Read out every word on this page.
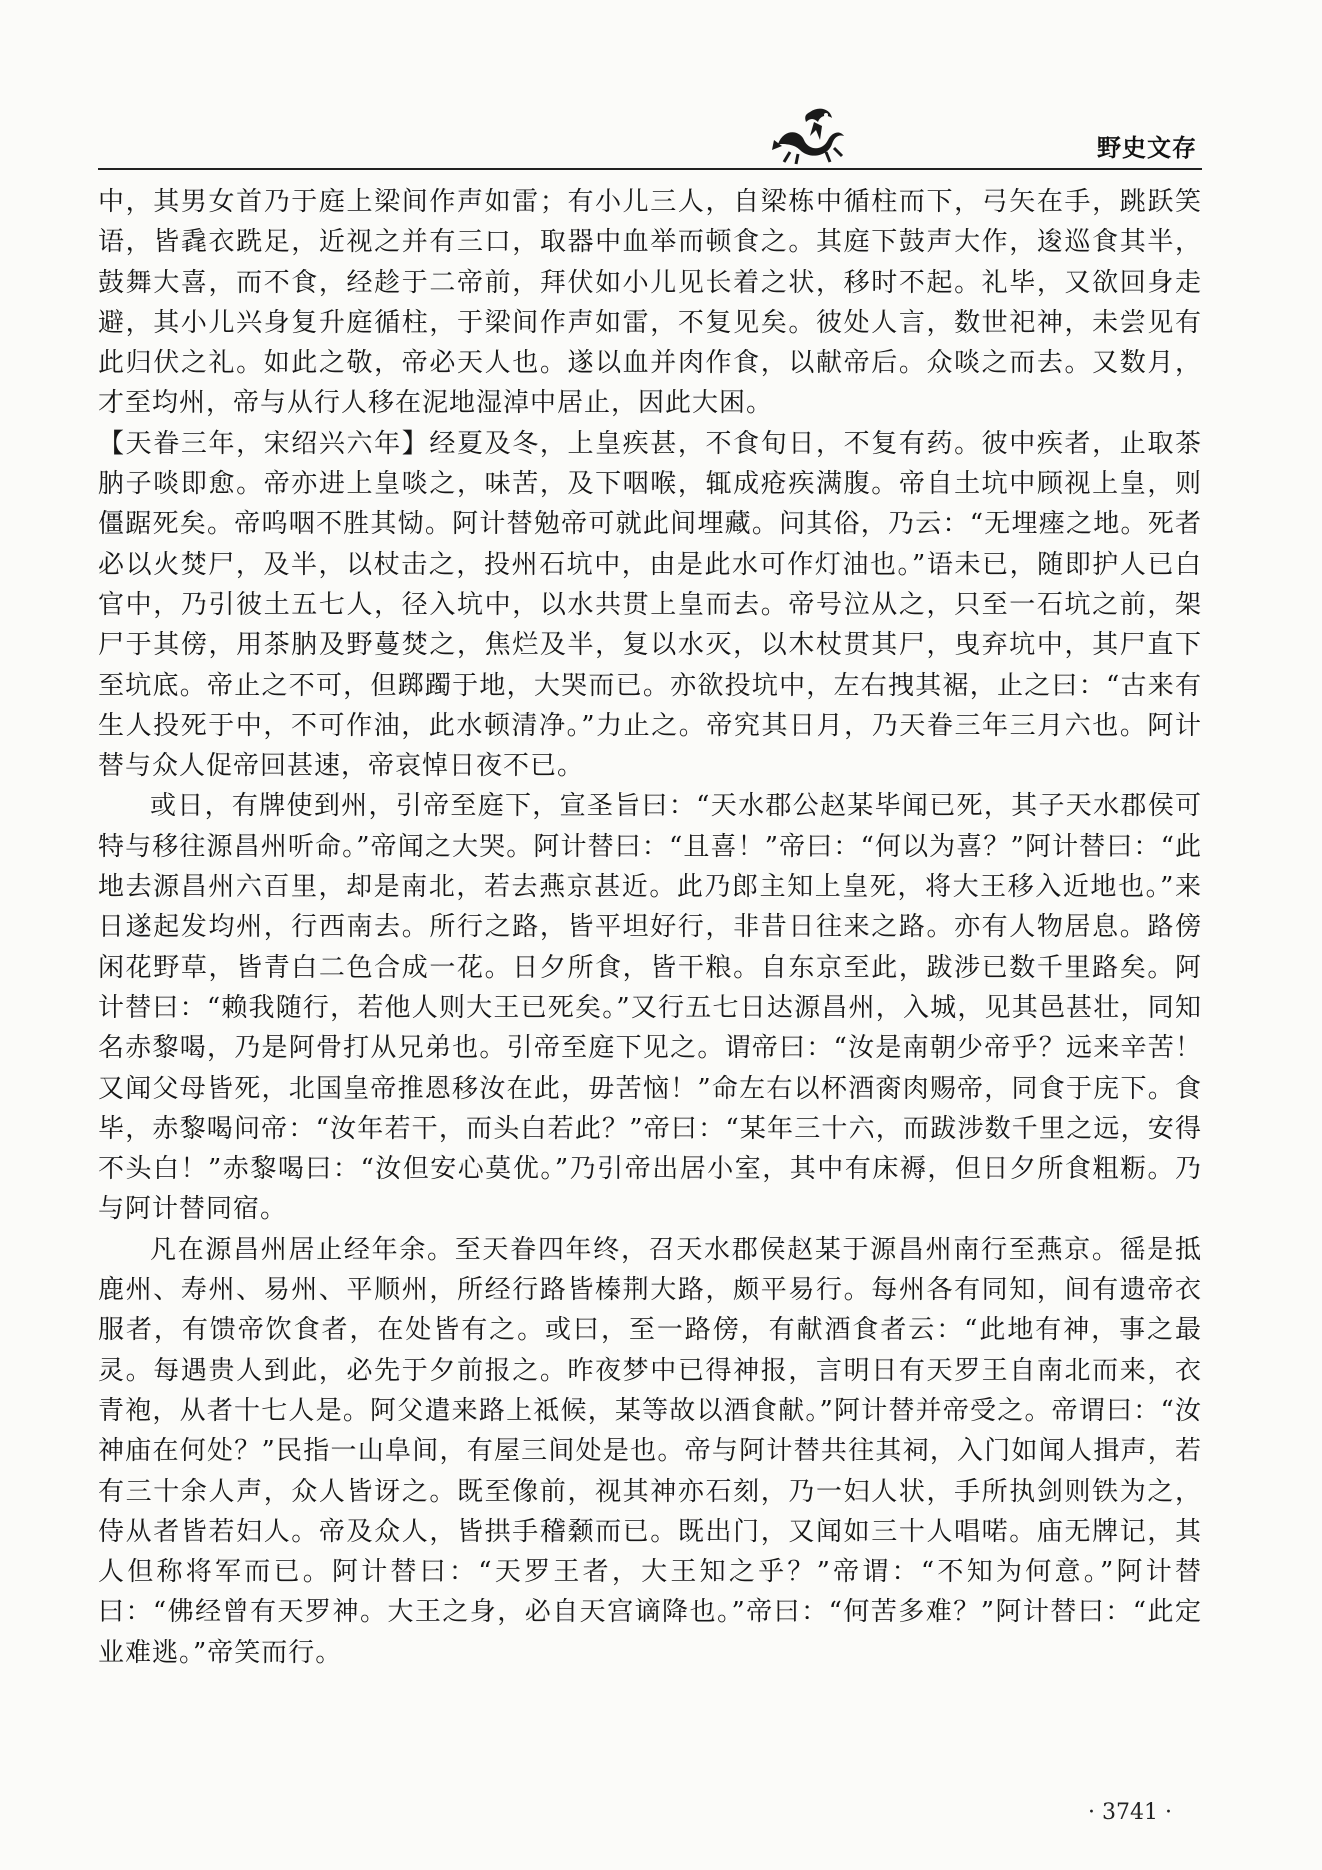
野史文存

中，其男女首乃于庭上梁间作声如雷；有小儿三人，自梁栋中循柱而下，弓矢在手，跳跃笑语，皆毳衣跣足，近视之并有三口，取器中血举而顿食之。其庭下鼓声大作，逡巡食其半，鼓舞大喜，而不食，经趁于二帝前，拜伏如小儿见长着之状，移时不起。礼毕，又欲回身走避，其小儿兴身复升庭循柱，于梁间作声如雷，不复见矣。彼处人言，数世祀神，未尝见有此归伏之礼。如此之敬，帝必天人也。遂以血并肉作食，以献帝后。众啖之而去。又数月，才至均州，帝与从行人移在泥地湿淖中居止，因此大困。

【天眷三年，宋绍兴六年】经夏及冬，上皇疾甚，不食旬日，不复有药。彼中疾者，止取茶肭子啖即愈。帝亦进上皇啖之，味苦，及下咽喉，辄成疮疾满腹。帝自土坑中顾视上皇，则僵踞死矣。帝呜咽不胜其恸。阿计替勉帝可就此间埋藏。问其俗，乃云：“无埋瘗之地。死者必以火焚尸，及半，以杖击之，投州石坑中，由是此水可作灯油也。”语未已，随即护人已白官中，乃引彼土五七人，径入坑中，以水共贯上皇而去。帝号泣从之，只至一石坑之前，架尸于其傍，用茶肭及野蔓焚之，焦烂及半，复以水灭，以木杖贯其尸，曳弃坑中，其尸直下至坑底。帝止之不可，但踯躅于地，大哭而已。亦欲投坑中，左右拽其裾，止之曰：“古来有生人投死于中，不可作油，此水顿清净。”力止之。帝究其日月，乃天眷三年三月六也。阿计替与众人促帝回甚速，帝哀悼日夜不已。

或日，有牌使到州，引帝至庭下，宣圣旨曰：“天水郡公赵某毕闻已死，其子天水郡侯可特与移往源昌州听命。”帝闻之大哭。阿计替曰：“且喜！”帝曰：“何以为喜？”阿计替曰：“此地去源昌州六百里，却是南北，若去燕京甚近。此乃郎主知上皇死，将大王移入近地也。”来日遂起发均州，行西南去。所行之路，皆平坦好行，非昔日往来之路。亦有人物居息。路傍闲花野草，皆青白二色合成一花。日夕所食，皆干粮。自东京至此，跋涉已数千里路矣。阿计替曰：“赖我随行，若他人则大王已死矣。”又行五七日达源昌州，入城，见其邑甚壮，同知名赤黎喝，乃是阿骨打从兄弟也。引帝至庭下见之。谓帝曰：“汝是南朝少帝乎？远来辛苦！又闻父母皆死，北国皇帝推恩移汝在此，毋苦恼！”命左右以杯酒脔肉赐帝，同食于庑下。食毕，赤黎喝问帝：“汝年若干，而头白若此？”帝曰：“某年三十六，而跋涉数千里之远，安得不头白！”赤黎喝曰：“汝但安心莫优。”乃引帝出居小室，其中有床褥，但日夕所食粗粝。乃与阿计替同宿。

凡在源昌州居止经年余。至天眷四年终，召天水郡侯赵某于源昌州南行至燕京。徭是抵鹿州、寿州、易州、平顺州，所经行路皆榛荆大路，颇平易行。每州各有同知，间有遗帝衣服者，有馈帝饮食者，在处皆有之。或曰，至一路傍，有献酒食者云：“此地有神，事之最灵。每遇贵人到此，必先于夕前报之。昨夜梦中已得神报，言明日有天罗王自南北而来，衣青袍，从者十七人是。阿父遣来路上祗候，某等故以酒食献。”阿计替并帝受之。帝谓曰：“汝神庙在何处？”民指一山阜间，有屋三间处是也。帝与阿计替共往其祠，入门如闻人揖声，若有三十余人声，众人皆讶之。既至像前，视其神亦石刻，乃一妇人状，手所执剑则铁为之，侍从者皆若妇人。帝及众人，皆拱手稽颡而已。既出门，又闻如三十人唱喏。庙无牌记，其人但称将军而已。阿计替曰：“天罗王者，大王知之乎？”帝谓：“不知为何意。”阿计替曰：“佛经曾有天罗神。大王之身，必自天宫谪降也。”帝曰：“何苦多难？”阿计替曰：“此定业难逃。”帝笑而行。

· 3741 ·
